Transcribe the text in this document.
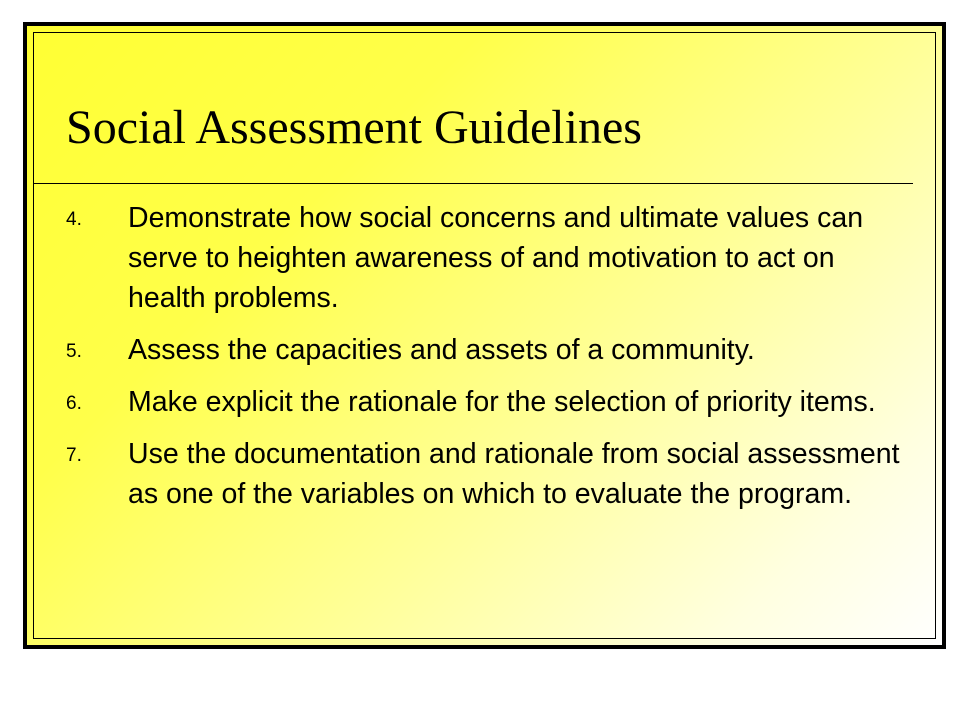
Social Assessment Guidelines
4. Demonstrate how social concerns and ultimate values can serve to heighten awareness of and motivation to act on health problems.
5. Assess the capacities and assets of a community.
6. Make explicit the rationale for the selection of priority items.
7. Use the documentation and rationale from social assessment as one of the variables on which to evaluate the program.
